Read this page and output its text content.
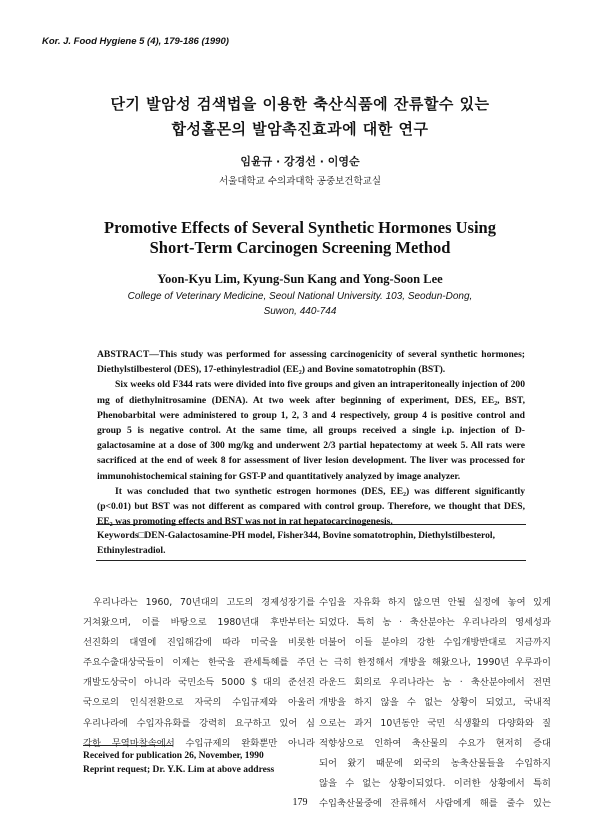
Kor. J. Food Hygiene 5 (4), 179-186 (1990)
단기 발암성 검색법을 이용한 축산식품에 잔류할수 있는
합성홀몬의 발암촉진효과에 대한 연구
임윤규 · 강경선 · 이영순
서울대학교 수의과대학 공중보건학교실
Promotive Effects of Several Synthetic Hormones Using
Short-Term Carcinogen Screening Method
Yoon-Kyu Lim, Kyung-Sun Kang and Yong-Soon Lee
College of Veterinary Medicine, Seoul National University. 103, Seodun-Dong,
Suwon, 440-744

ABSTRACT—This study was performed for assessing carcinogenicity of several synthetic hormones; Diethylstilbesterol (DES), 17-ethinylestradiol (EE₂) and Bovine somatotrophin (BST).

Six weeks old F344 rats were divided into five groups and given an intraperitoneally injection of 200 mg of diethylnitrosamine (DENA). At two week after beginning of experiment, DES, EE₂, BST, Phenobarbital were administered to group 1, 2, 3 and 4 respectively, group 4 is positive control and group 5 is negative control. At the same time, all groups received a single i.p. injection of D-galactosamine at a dose of 300 mg/kg and underwent 2/3 partial hepatectomy at week 5. All rats were sacrificed at the end of week 8 for assessment of liver lesion development. The liver was processed for immunohistochemical staining for GST-P and quantitatively analyzed by image analyzer.

It was concluded that two synthetic estrogen hormones (DES, EE₂) was different significantly (p<0.01) but BST was not different as compared with control group. Therefore, we thought that DES, EE₂ was promoting effects and BST was not in rat hepatocarcinogenesis.

Keywords□DEN-Galactosamine-PH model, Fisher344, Bovine somatotrophin, Diethylstilbesterol, Ethinylestradiol.

우리나라는 1960, 70년대의 고도의 경제성장기를

거쳐왔으며, 이를 바탕으로 1980년대 후반부터는

선진화의 대열에 진입해감에 따라 미국을 비롯한

주요수출대상국들이 이제는 한국을 관세특혜를 주던

개발도상국이 아니라 국민소득 5000＄대의 준선진

국으로의 인식전환으로 자국의 수입규제와 아울러

우리나라에 수입자유화를 강력히 요구하고 있어 심

각한 무역마찰속에서 수입규제의 완화뿐만 아니라

수입을 자유화 하지 않으면 안될 실정에 놓여 있게

되었다. 특히 농 · 축산분야는 우리나라의 영세성과

더불어 이들 분야의 강한 수입개방반대로 지금까지

는 극히 한정해서 개방을 해왔으나, 1990년 우루과이

라운드 회의로 우리나라는 농 · 축산분야에서 전면

개방을 하지 않을 수 없는 상황이 되었고, 국내적

으로는 과거 10년동안 국민 식생활의 다양화와 질

적향상으로 인하여 축산물의 수요가 현저히 증대

되어 왔기 때문에 외국의 농축산물들을 수입하지

않을 수 없는 상황이되었다. 이러한 상황에서 특히

수입축산물중에 잔류해서 사람에게 해를 줄수 있는

Received for publication 26, November, 1990
Reprint request; Dr. Y.K. Lim at above address
179
